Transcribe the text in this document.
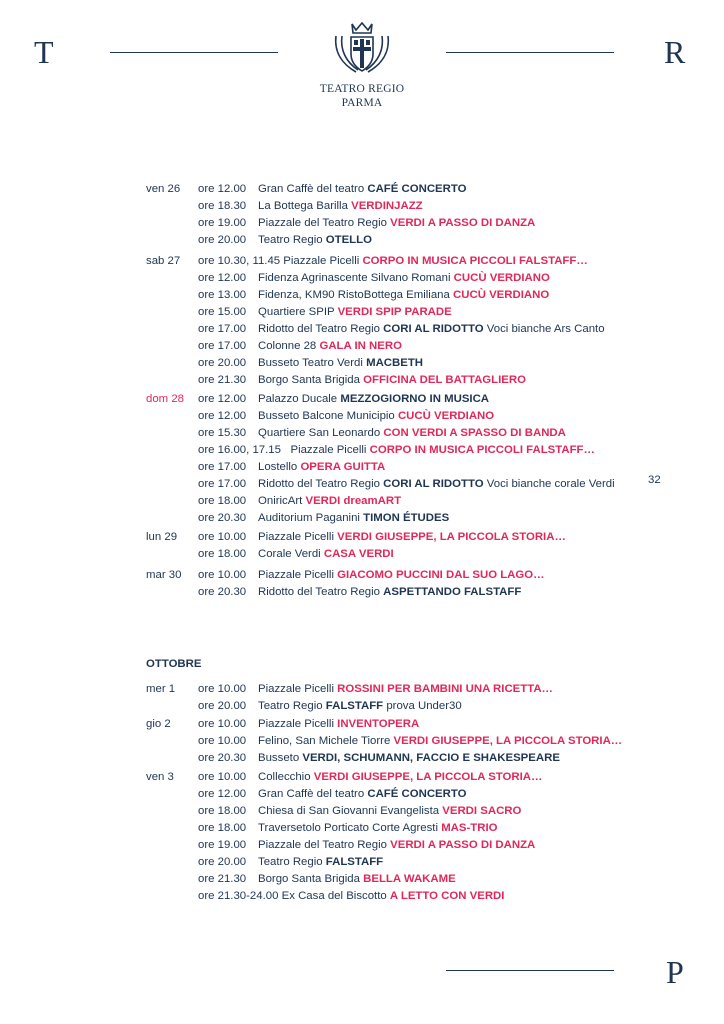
T
TEATRO REGIO
PARMA
R
ven 26 ore 12.00 Gran Caffè del teatro CAFÉ CONCERTO
ore 18.30 La Bottega Barilla VERDINJAZZ
ore 19.00 Piazzale del Teatro Regio VERDI A PASSO DI DANZA
ore 20.00 Teatro Regio OTELLO
sab 27 ore 10.30, 11.45 Piazzale Picelli CORPO IN MUSICA PICCOLI FALSTAFF…
ore 12.00 Fidenza Agrinascente Silvano Romani CUCÙ VERDIANO
ore 13.00 Fidenza, KM90 RistoBottega Emiliana CUCÙ VERDIANO
ore 15.00 Quartiere SPIP VERDI SPIP PARADE
ore 17.00 Ridotto del Teatro Regio CORI AL RIDOTTO Voci bianche Ars Canto
ore 17.00 Colonne 28 GALA IN NERO
ore 20.00 Busseto Teatro Verdi MACBETH
ore 21.30 Borgo Santa Brigida OFFICINA DEL BATTAGLIERO
dom 28 ore 12.00 Palazzo Ducale MEZZOGIORNO IN MUSICA
ore 12.00 Busseto Balcone Municipio CUCÙ VERDIANO
ore 15.30 Quartiere San Leonardo CON VERDI A SPASSO DI BANDA
ore 16.00, 17.15 Piazzale Picelli CORPO IN MUSICA PICCOLI FALSTAFF…
ore 17.00 Lostello OPERA GUITTA
ore 17.00 Ridotto del Teatro Regio CORI AL RIDOTTO Voci bianche corale Verdi
ore 18.00 OniricArt VERDI dreamART
ore 20.30 Auditorium Paganini TIMON ÉTUDES
lun 29 ore 10.00 Piazzale Picelli VERDI GIUSEPPE, LA PICCOLA STORIA…
ore 18.00 Corale Verdi CASA VERDI
mar 30 ore 10.00 Piazzale Picelli GIACOMO PUCCINI DAL SUO LAGO…
ore 20.30 Ridotto del Teatro Regio ASPETTANDO FALSTAFF
mer 1 ore 10.00 Piazzale Picelli ROSSINI PER BAMBINI UNA RICETTA…
ore 20.00 Teatro Regio FALSTAFF prova Under30
gio 2 ore 10.00 Piazzale Picelli INVENTOPERA
ore 10.00 Felino, San Michele Tiorre VERDI GIUSEPPE, LA PICCOLA STORIA…
ore 20.30 Busseto VERDI, SCHUMANN, FACCIO E SHAKESPEARE
ven 3 ore 10.00 Collecchio VERDI GIUSEPPE, LA PICCOLA STORIA…
ore 12.00 Gran Caffè del teatro CAFÉ CONCERTO
ore 18.00 Chiesa di San Giovanni Evangelista VERDI SACRO
ore 18.00 Traversetolo Porticato Corte Agresti MAS-TRIO
ore 19.00 Piazzale del Teatro Regio VERDI A PASSO DI DANZA
ore 20.00 Teatro Regio FALSTAFF
ore 21.30 Borgo Santa Brigida BELLA WAKAME
ore 21.30-24.00 Ex Casa del Biscotto A LETTO CON VERDI
OTTOBRE
32
P
